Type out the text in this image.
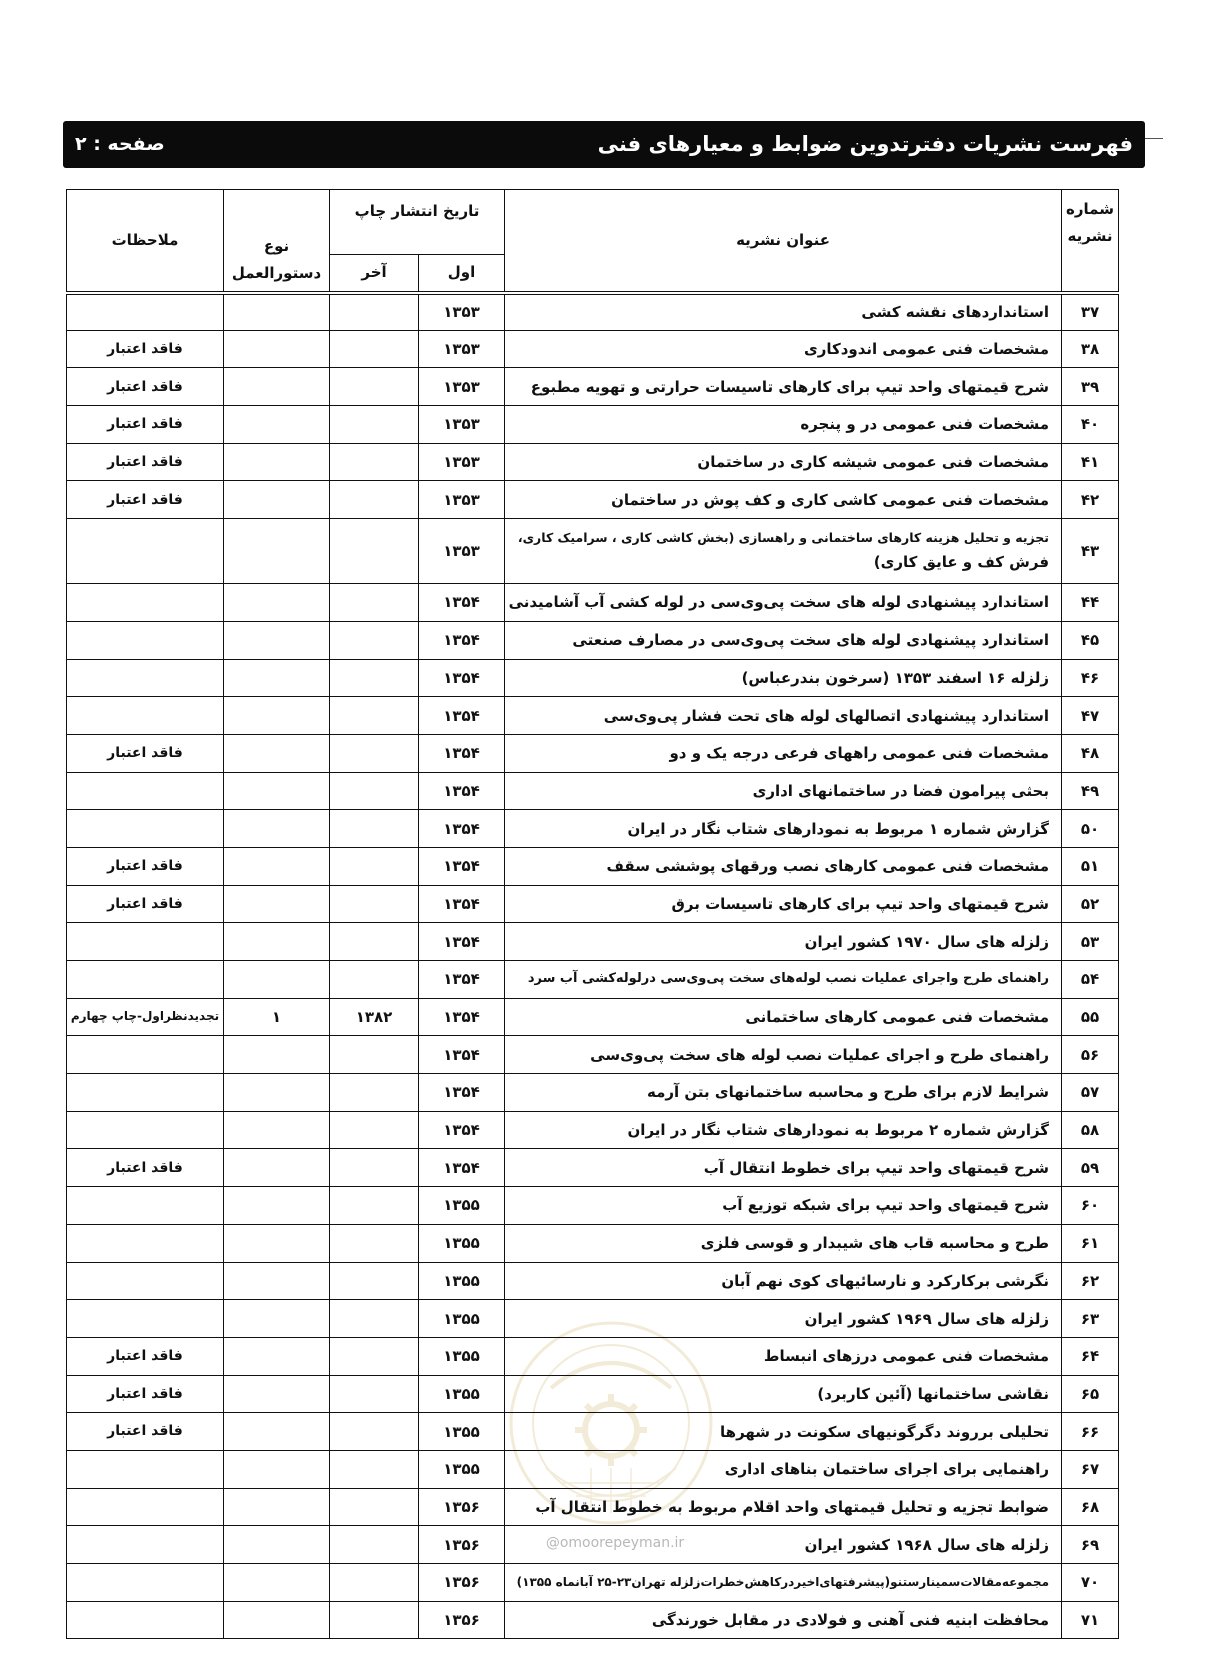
فهرست نشریات دفترتدوین ضوابط و معیارهای فنی
صفحه : ۲
@omoorepeyman.ir
شماره نشریه	عنوان نشریه	تاریخ انتشار چاپ		نوع دستورالعمل	ملاحظات
		اول	آخر		

۳۷	استانداردهای نقشه کشی	۱۳۵۳			

۳۸	مشخصات فنی عمومی اندودکاری	۱۳۵۳			فاقد اعتبار

۳۹	شرح قیمتهای واحد تیپ برای کارهای تاسیسات حرارتی و تهویه مطبوع	۱۳۵۳			فاقد اعتبار

۴۰	مشخصات فنی عمومی در و پنجره	۱۳۵۳			فاقد اعتبار

۴۱	مشخصات فنی عمومی شیشه کاری در ساختمان	۱۳۵۳			فاقد اعتبار

۴۲	مشخصات فنی عمومی کاشی کاری و کف پوش در ساختمان	۱۳۵۳			فاقد اعتبار

۴۳	تجزیه و تحلیل هزینه کارهای ساختمانی و راهسازی (بخش کاشی کاری ، سرامیک کاری،
فرش کف و عایق کاری)	۱۳۵۳			

۴۴	استاندارد پیشنهادی لوله های سخت پی‌وی‌سی در لوله کشی آب آشامیدنی	۱۳۵۴			

۴۵	استاندارد پیشنهادی لوله های سخت پی‌وی‌سی در مصارف صنعتی	۱۳۵۴			

۴۶	زلزله ۱۶ اسفند ۱۳۵۳ (سرخون بندرعباس)	۱۳۵۴			

۴۷	استاندارد پیشنهادی اتصالهای لوله های تحت فشار پی‌وی‌سی	۱۳۵۴			

۴۸	مشخصات فنی عمومی راههای فرعی درجه یک و دو	۱۳۵۴			فاقد اعتبار

۴۹	بحثی پیرامون فضا در ساختمانهای اداری	۱۳۵۴			

۵۰	گزارش شماره ۱ مربوط به نمودارهای شتاب نگار در ایران	۱۳۵۴			

۵۱	مشخصات فنی عمومی کارهای نصب ورقهای پوششی سقف	۱۳۵۴			فاقد اعتبار

۵۲	شرح قیمتهای واحد تیپ برای کارهای تاسیسات برق	۱۳۵۴			فاقد اعتبار

۵۳	زلزله های سال ۱۹۷۰ کشور ایران	۱۳۵۴			

۵۴	راهنمای طرح واجرای عملیات نصب لوله‌های سخت پی‌وی‌سی درلوله‌کشی آب سرد	۱۳۵۴			

۵۵	مشخصات فنی عمومی کارهای ساختمانی	۱۳۵۴	۱۳۸۲	۱	تجدیدنظراول-چاپ چهارم

۵۶	راهنمای طرح و اجرای عملیات نصب لوله های سخت پی‌وی‌سی	۱۳۵۴			

۵۷	شرایط لازم برای طرح و محاسبه ساختمانهای بتن آرمه	۱۳۵۴			

۵۸	گزارش شماره ۲ مربوط به نمودارهای شتاب نگار در ایران	۱۳۵۴			

۵۹	شرح قیمتهای واحد تیپ برای خطوط انتقال آب	۱۳۵۴			فاقد اعتبار

۶۰	شرح قیمتهای واحد تیپ برای شبکه توزیع آب	۱۳۵۵			

۶۱	طرح و محاسبه قاب های شیبدار و قوسی فلزی	۱۳۵۵			

۶۲	نگرشی برکارکرد و نارسائیهای کوی نهم آبان	۱۳۵۵			

۶۳	زلزله های سال ۱۹۶۹ کشور ایران	۱۳۵۵			

۶۴	مشخصات فنی عمومی درزهای انبساط	۱۳۵۵			فاقد اعتبار

۶۵	نقاشی ساختمانها (آئین کاربرد)	۱۳۵۵			فاقد اعتبار

۶۶	تحلیلی برروند دگرگونیهای سکونت در شهرها	۱۳۵۵			فاقد اعتبار

۶۷	راهنمایی برای اجرای ساختمان بناهای اداری	۱۳۵۵			

۶۸	ضوابط تجزیه و تحلیل قیمتهای واحد اقلام مربوط به خطوط انتقال آب	۱۳۵۶			

۶۹	زلزله های سال ۱۹۶۸ کشور ایران	۱۳۵۶			

۷۰	مجموعه‌مقالات‌سمینارستنو(پیشرفتهای‌اخیردرکاهش‌خطرات‌زلزله تهران۲۳-۲۵ آبانماه ۱۳۵۵)	۱۳۵۶			

۷۱	محافظت ابنیه فنی آهنی و فولادی در مقابل خورندگی	۱۳۵۶			
